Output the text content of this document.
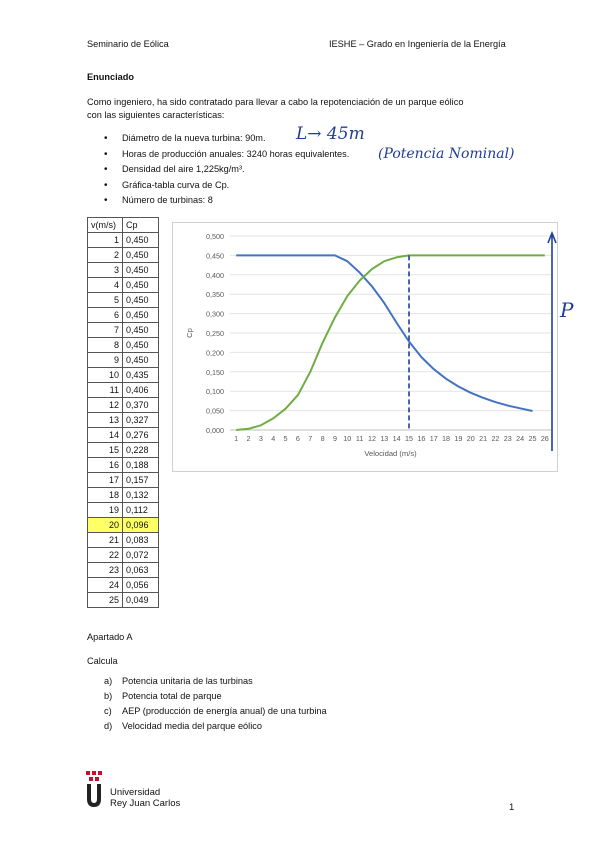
Seminario de Eólica	IESHE – Grado en Ingeniería de la Energía
Enunciado
Como ingeniero, ha sido contratado para llevar a cabo la repotenciación de un parque eólico
con las siguientes características:
• Diámetro de la nueva turbina: 90m.
• Horas de producción anuales: 3240 horas equivalentes.
• Densidad del aire 1,225kg/m³.
• Gráfica-tabla curva de Cp.
• Número de turbinas: 8
L→ 45m
(Potencia Nominal)
P
v(m/s)	Cp
1	0,450
2	0,450
3	0,450
4	0,450
5	0,450
6	0,450
7	0,450
8	0,450
9	0,450
10	0,435
11	0,406
12	0,370
13	0,327
14	0,276
15	0,228
16	0,188
17	0,157
18	0,132
19	0,112
20	0,096
21	0,083
22	0,072
23	0,063
24	0,056
25	0,049
0,000
0,050
0,100
0,150
0,200
0,250
0,300
0,350
0,400
0,450
0,500
1 2 3 4 5 6 7 8 9 10 11 12 13 14 15 16 17 18 19 20 21 22 23 24 25 26
Velocidad (m/s)
Cp
Apartado A
Calcula
a) Potencia unitaria de las turbinas
b) Potencia total de parque
c) AEP (producción de energía anual) de una turbina
d) Velocidad media del parque eólico
Universidad
Rey Juan Carlos	1
